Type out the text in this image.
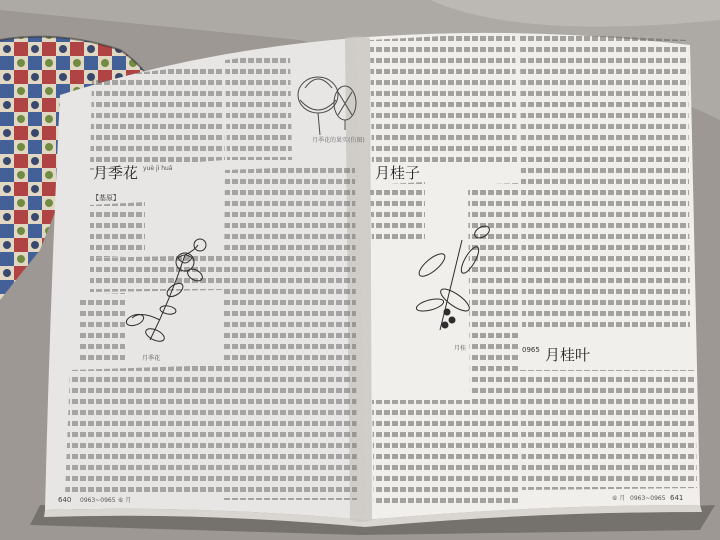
月季花的果实(仿图)
月季花 yuè jì huā
【基原】
月季花
640 0963~0965 ⑥ 月
月桂子
月桂	0965 月桂叶
⑥ 月 0963~0965 641
